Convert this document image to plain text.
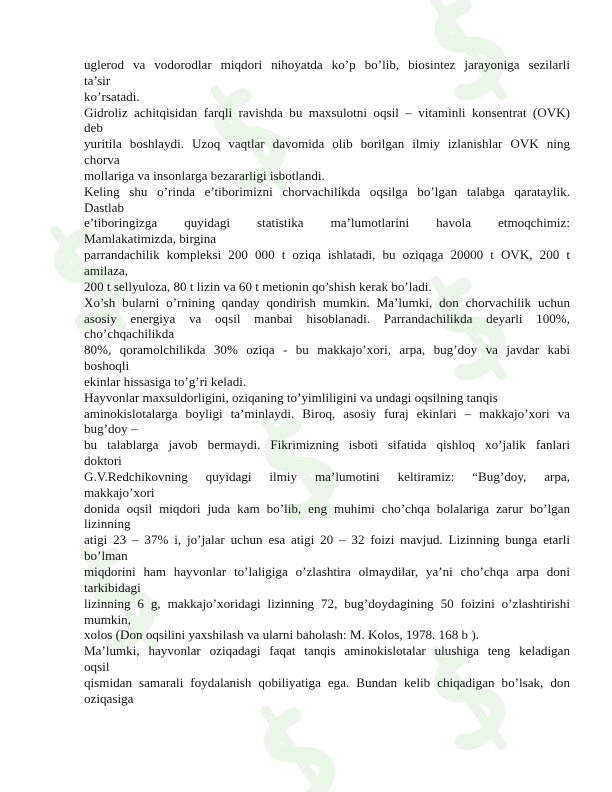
uglerod va vodorodlar miqdori nihoyatda ko’p bo’lib, biosintez jarayoniga sezilarli
ta’sir
ko’rsatadi.
Gidroliz achitqisidan farqli ravishda bu maxsulotni oqsil – vitaminli konsentrat (OVK)
deb
yuritila boshlaydi. Uzoq vaqtlar davomida olib borilgan ilmiy izlanishlar OVK ning
chorva
mollariga va insonlarga bezararligi isbotlandi.
Keling shu o’rinda e’tiborimizni chorvachilikda oqsilga bo’lgan talabga qarataylik.
Dastlab
e’tiboringizga quyidagi statistika ma’lumotlarini havola etmoqchimiz:
Mamlakatimizda, birgina
parrandachilik kompleksi 200 000 t oziqa ishlatadi, bu oziqaga 20000 t OVK, 200 t
amilaza,
200 t sellyuloza, 80 t lizin va 60 t metionin qo’shish kerak bo’ladi.
Xo’sh bularni o’rnining qanday qondirish mumkin. Ma’lumki, don chorvachilik uchun
asosiy energiya va oqsil manbai hisoblanadi. Parrandachilikda deyarli 100%,
cho’chqachilikda
80%, qoramolchilikda 30% oziqa - bu makkajo’xori, arpa, bug’doy va javdar kabi
boshoqli
ekinlar hissasiga to’g’ri keladi.
Hayvonlar maxsuldorligini, oziqaning to’yimliligini va undagi oqsilning tanqis
aminokislotalarga boyligi ta’minlaydi. Biroq, asosiy furaj ekinlari – makkajo’xori va
bug’doy –
bu talablarga javob bermaydi. Fikrimizning isboti sifatida qishloq xo’jalik fanlari
doktori
G.V.Redchikovning quyidagi ilmiy ma’lumotini keltiramiz: “Bug’doy, arpa,
makkajo’xori
donida oqsil miqdori juda kam bo’lib, eng muhimi cho’chqa bolalariga zarur bo’lgan
lizinning
atigi 23 – 37% i, jo’jalar uchun esa atigi 20 – 32 foizi mavjud. Lizinning bunga etarli
bo’lman
miqdorini ham hayvonlar to’laligiga o’zlashtira olmaydilar, ya’ni cho’chqa arpa doni
tarkibidagi
lizinning 6 g, makkajo’xoridagi lizinning 72, bug’doydagining 50 foizini o’zlashtirishi
mumkin,
xolos (Don oqsilini yaxshilash va ularni baholash: M. Kolos, 1978. 168 b ).
Ma’lumki, hayvonlar oziqadagi faqat tanqis aminokislotalar ulushiga teng keladigan
oqsil
qismidan samarali foydalanish qobiliyatiga ega. Bundan kelib chiqadigan bo’lsak, don
oziqasiga
